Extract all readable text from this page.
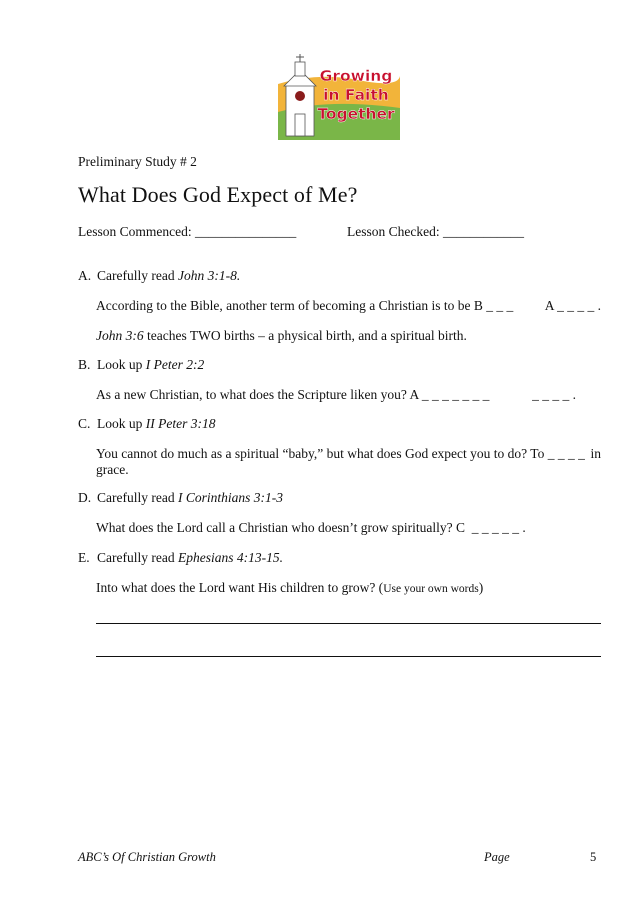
Growing
in Faith
Together
Preliminary Study # 2
What Does God Expect of Me?
Lesson Commenced: _______________	Lesson Checked: ____________
A. Carefully read John 3:1-8.
According to the Bible, another term of becoming a Christian is to be B _ _ _ A _ _ _ _ .
John 3:6 teaches TWO births – a physical birth, and a spiritual birth.
B. Look up I Peter 2:2
As a new Christian, to what does the Scripture liken you? A _ _ _ _ _ _ _	_ _ _ _ .
C. Look up II Peter 3:18
You cannot do much as a spiritual “baby,” but what does God expect you to do? To _ _ _ _ in
grace.
D. Carefully read I Corinthians 3:1-3
What does the Lord call a Christian who doesn’t grow spiritually? C  _ _ _ _ _ .
E. Carefully read Ephesians 4:13-15.
Into what does the Lord want His children to grow? (Use your own words)
ABC’s Of Christian Growth	Page	5
